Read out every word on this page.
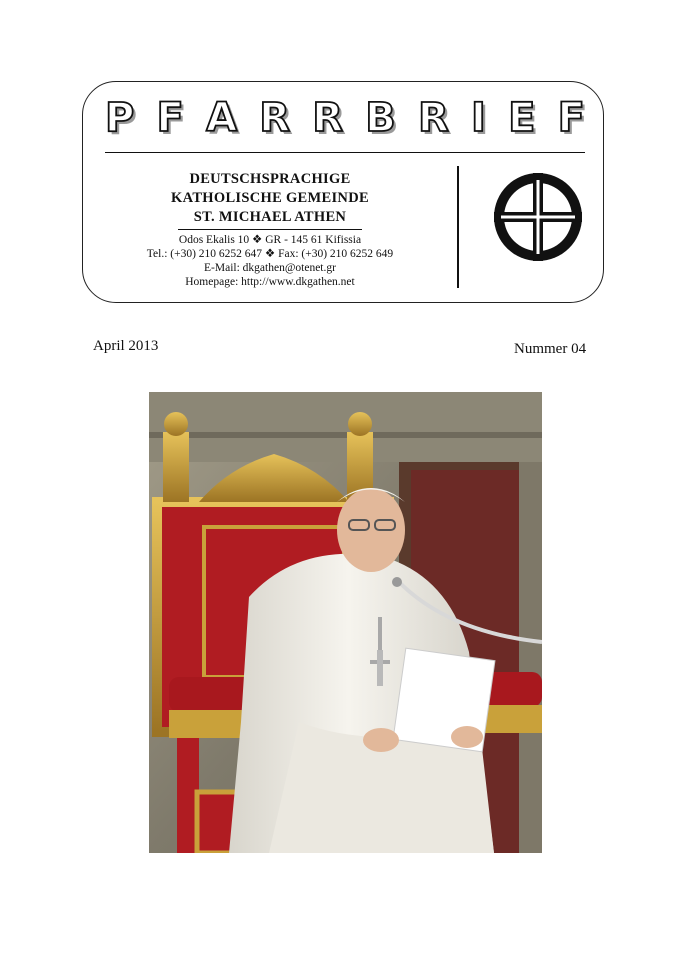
P F A R R B R I E F
DEUTSCHSPRACHIGE
KATHOLISCHE GEMEINDE
ST. MICHAEL ATHEN
Odos Ekalis 10 ❖ GR - 145 61 Kifissia
Tel.: (+30) 210 6252 647 ❖ Fax: (+30) 210 6252 649
E-Mail: dkgathen@otenet.gr
Homepage: http://www.dkgathen.net
April 2013	Nummer 04
